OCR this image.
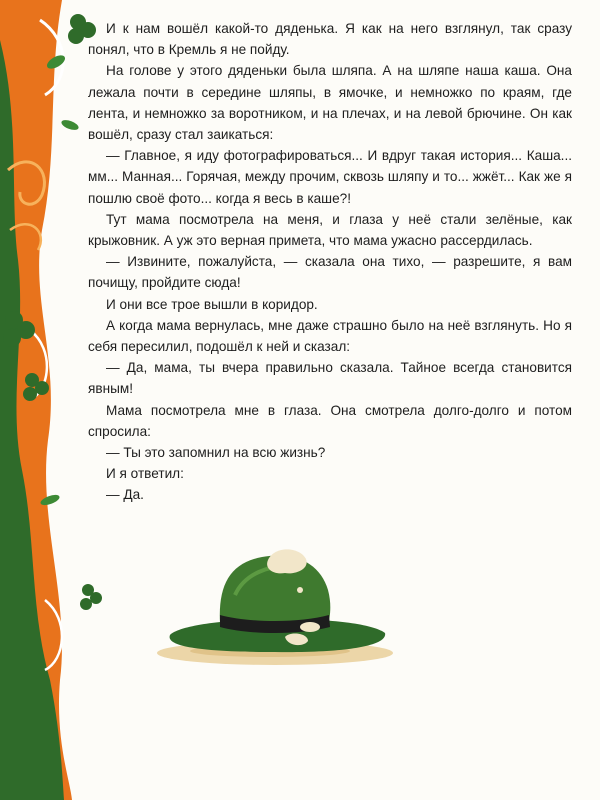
И к нам вошёл какой-то дяденька. Я как на него взглянул, так сразу понял, что в Кремль я не пойду.

На голове у этого дяденьки была шляпа. А на шляпе наша каша. Она лежала почти в середине шляпы, в ямочке, и немножко по краям, где лента, и немножко за воротником, и на плечах, и на левой брючине. Он как вошёл, сразу стал заикаться:

— Главное, я иду фотографироваться... И вдруг такая история... Каша... мм... Манная... Горячая, между прочим, сквозь шляпу и то... жжёт... Как же я пошлю своё фото... когда я весь в каше?!

Тут мама посмотрела на меня, и глаза у неё стали зелёные, как крыжовник. А уж это верная примета, что мама ужасно рассердилась.

— Извините, пожалуйста, — сказала она тихо, — разрешите, я вам почищу, пройдите сюда!

И они все трое вышли в коридор.

А когда мама вернулась, мне даже страшно было на неё взглянуть. Но я себя пересилил, подошёл к ней и сказал:

— Да, мама, ты вчера правильно сказала. Тайное всегда становится явным!

Мама посмотрела мне в глаза. Она смотрела долго-долго и потом спросила:

— Ты это запомнил на всю жизнь?

И я ответил:

— Да.
